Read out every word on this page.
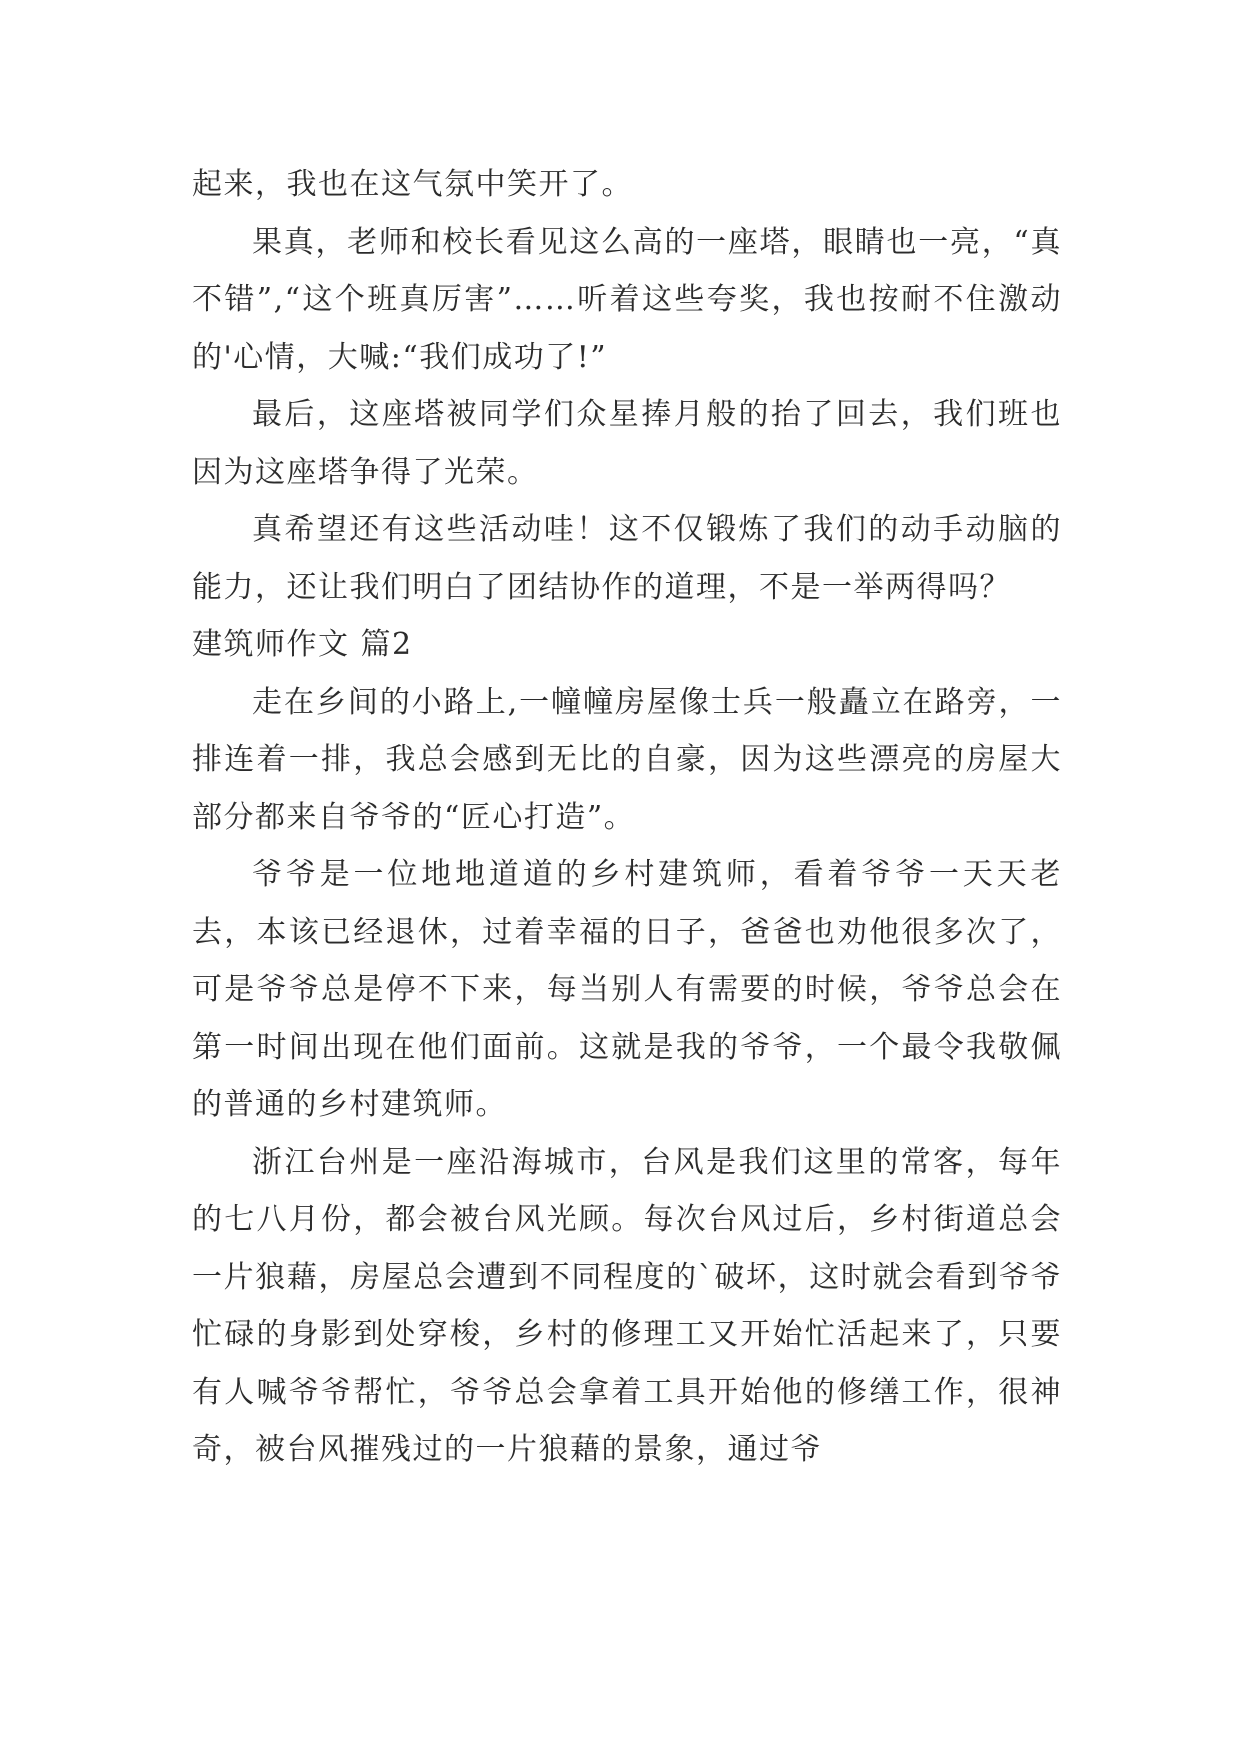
起来，我也在这气氛中笑开了。

果真，老师和校长看见这么高的一座塔，眼睛也一亮，“真不错”,“这个班真厉害”……听着这些夸奖，我也按耐不住激动的'心情，大喊:“我们成功了!”

最后，这座塔被同学们众星捧月般的抬了回去，我们班也因为这座塔争得了光荣。

真希望还有这些活动哇！这不仅锻炼了我们的动手动脑的能力，还让我们明白了团结协作的道理，不是一举两得吗？

建筑师作文 篇2

走在乡间的小路上,一幢幢房屋像士兵一般矗立在路旁，一排连着一排，我总会感到无比的自豪，因为这些漂亮的房屋大部分都来自爷爷的“匠心打造”。

爷爷是一位地地道道的乡村建筑师，看着爷爷一天天老去，本该已经退休，过着幸福的日子，爸爸也劝他很多次了，可是爷爷总是停不下来，每当别人有需要的时候，爷爷总会在第一时间出现在他们面前。这就是我的爷爷，一个最令我敬佩的普通的乡村建筑师。

浙江台州是一座沿海城市，台风是我们这里的常客，每年的七八月份，都会被台风光顾。每次台风过后，乡村街道总会一片狼藉，房屋总会遭到不同程度的`破坏，这时就会看到爷爷忙碌的身影到处穿梭，乡村的修理工又开始忙活起来了，只要有人喊爷爷帮忙，爷爷总会拿着工具开始他的修缮工作，很神奇，被台风摧残过的一片狼藉的景象，通过爷
